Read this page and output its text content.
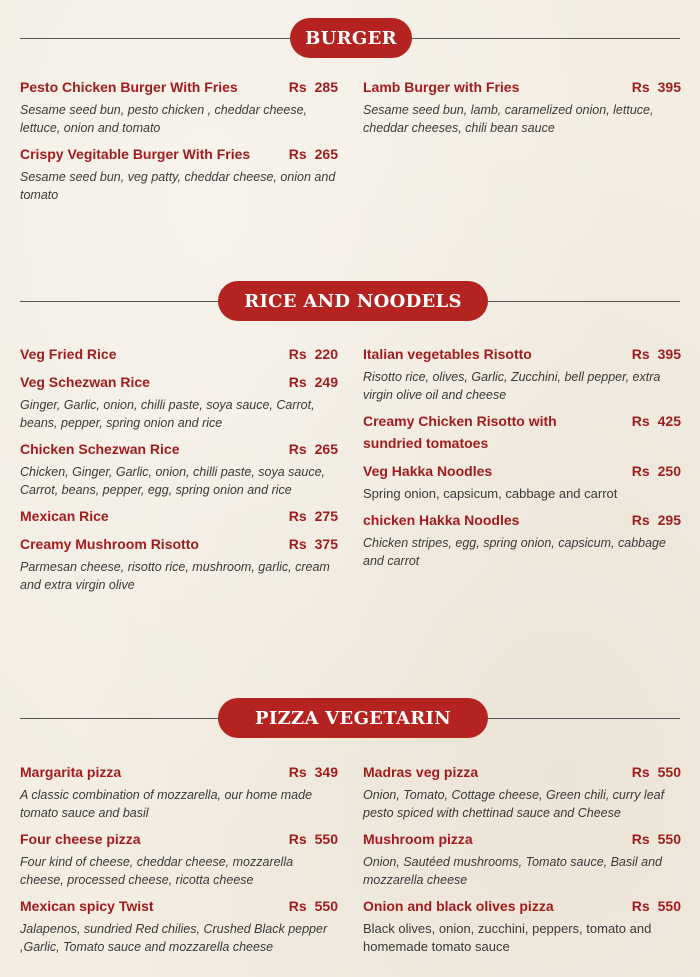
BURGER
Pesto Chicken Burger With Fries	Rs 285
Sesame seed bun, pesto chicken , cheddar cheese, lettuce, onion and tomato
Crispy Vegitable Burger With Fries	Rs 265
Sesame seed bun, veg patty, cheddar cheese, onion and tomato
Lamb Burger with Fries	Rs 395
Sesame seed bun, lamb, caramelized onion, lettuce, cheddar cheeses, chili bean sauce
RICE AND NOODELS
Veg Fried Rice	Rs 220
Veg Schezwan Rice	Rs 249
Ginger, Garlic, onion, chilli paste, soya sauce, Carrot, beans, pepper, spring onion and rice
Chicken Schezwan Rice	Rs 265
Chicken, Ginger, Garlic, onion, chilli paste, soya sauce, Carrot, beans, pepper, egg, spring onion and rice
Mexican Rice	Rs 275
Creamy Mushroom Risotto	Rs 375
Parmesan cheese, risotto rice, mushroom, garlic, cream and extra virgin olive
Italian vegetables Risotto	Rs 395
Risotto rice, olives, Garlic, Zucchini, bell pepper, extra virgin olive oil and cheese
Creamy Chicken Risotto with sundried tomatoes
Rs 425
Veg Hakka Noodles	Rs 250
Spring onion, capsicum, cabbage and carrot
chicken Hakka Noodles	Rs 295
Chicken stripes, egg, spring onion, capsicum, cabbage and carrot
PIZZA VEGETARIN
Margarita pizza	Rs 349
A classic combination of mozzarella, our home made tomato sauce and basil
Four cheese pizza	Rs 550
Four kind of cheese, cheddar cheese, mozzarella cheese, processed cheese, ricotta cheese
Mexican spicy Twist	Rs 550
Jalapenos, sundried Red chilies, Crushed Black pepper ,Garlic, Tomato sauce and mozzarella cheese
Madras veg pizza	Rs 550
Onion, Tomato, Cottage cheese, Green chili, curry leaf pesto spiced with chettinad sauce and Cheese
Mushroom pizza	Rs 550
Onion, Sautéed mushrooms, Tomato sauce, Basil and mozzarella cheese
Onion and black olives pizza	Rs 550
Black olives, onion, zucchini, peppers, tomato and homemade tomato sauce
